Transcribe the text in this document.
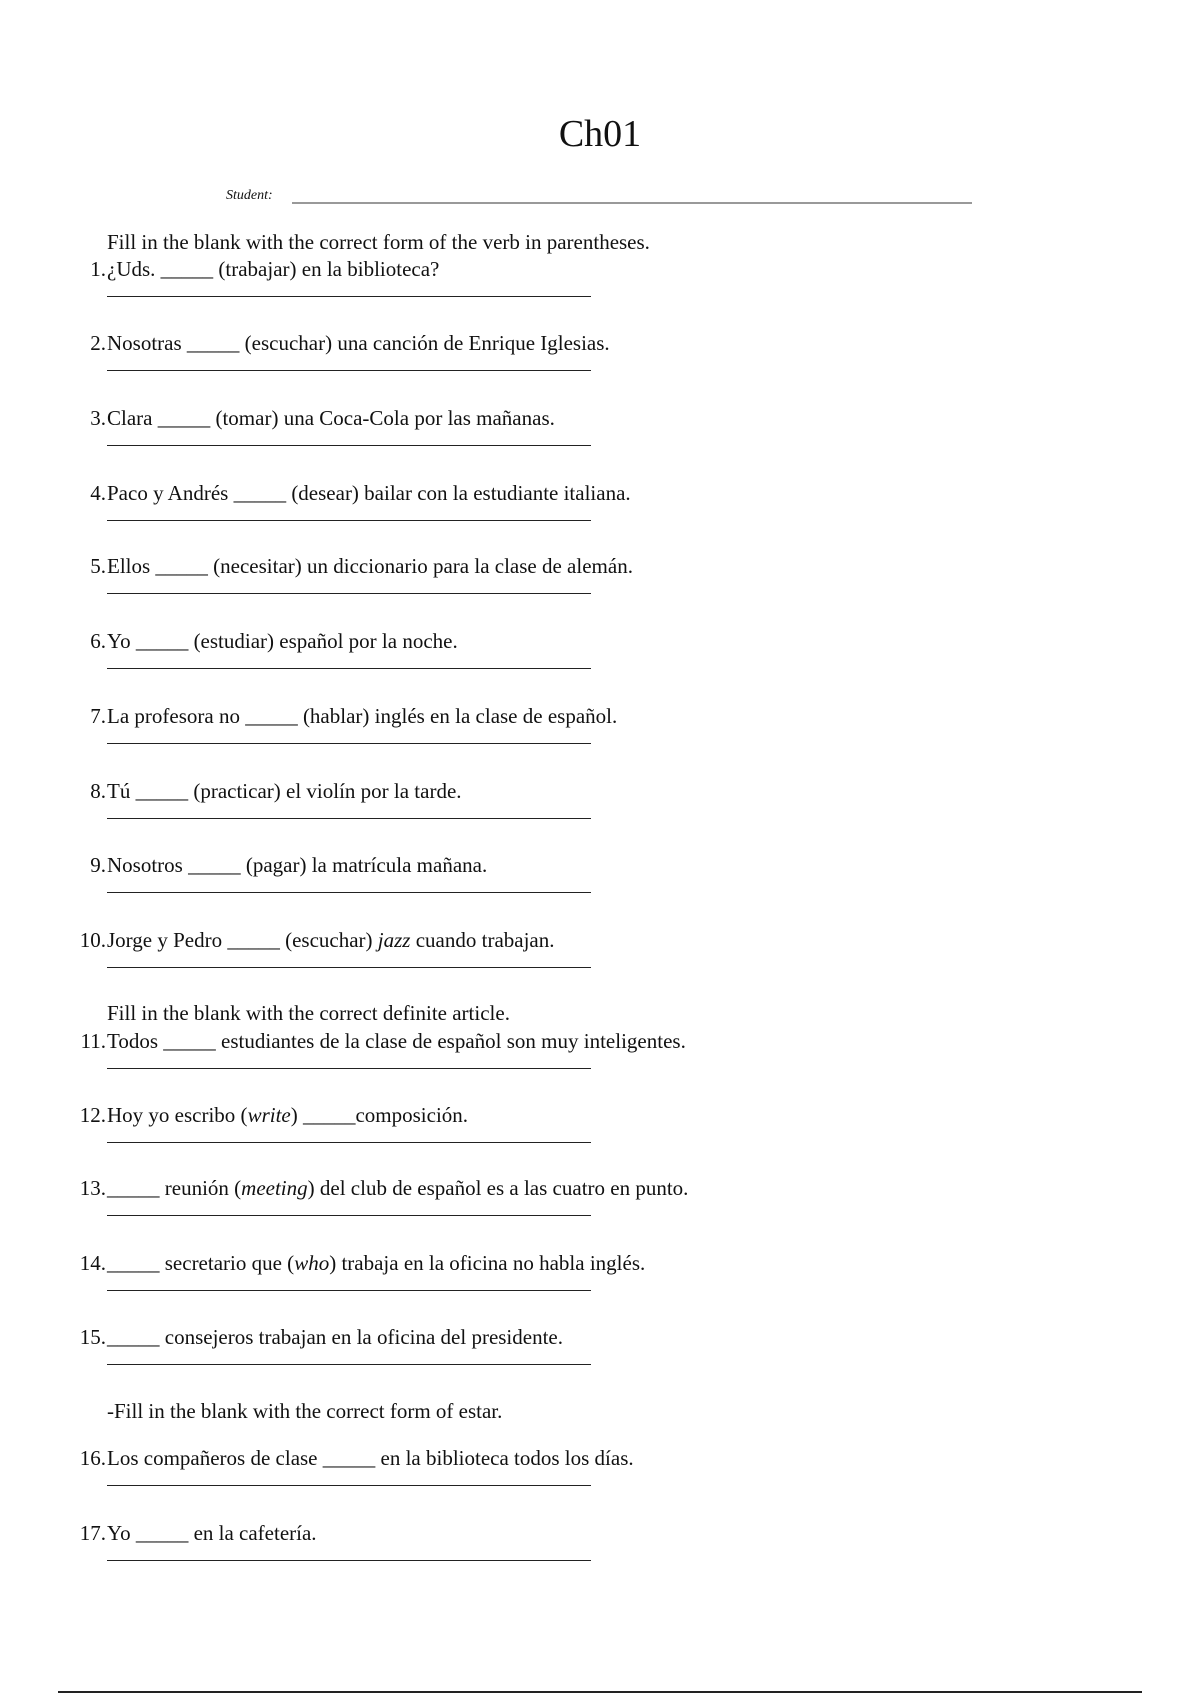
Ch01
Student:
Fill in the blank with the correct form of the verb in parentheses.
1. ¿Uds. _____ (trabajar) en la biblioteca?
2. Nosotras _____ (escuchar) una canción de Enrique Iglesias.
3. Clara _____ (tomar) una Coca-Cola por las mañanas.
4. Paco y Andrés _____ (desear) bailar con la estudiante italiana.
5. Ellos _____ (necesitar) un diccionario para la clase de alemán.
6. Yo _____ (estudiar) español por la noche.
7. La profesora no _____ (hablar) inglés en la clase de español.
8. Tú _____ (practicar) el violín por la tarde.
9. Nosotros _____ (pagar) la matrícula mañana.
10. Jorge y Pedro _____ (escuchar) jazz cuando trabajan.
Fill in the blank with the correct definite article.
11. Todos _____ estudiantes de la clase de español son muy inteligentes.
12. Hoy yo escribo (write) _____composición.
13. _____ reunión (meeting) del club de español es a las cuatro en punto.
14. _____ secretario que (who) trabaja en la oficina no habla inglés.
15. _____ consejeros trabajan en la oficina del presidente.
-Fill in the blank with the correct form of estar.
16. Los compañeros de clase _____ en la biblioteca todos los días.
17. Yo _____ en la cafetería.
